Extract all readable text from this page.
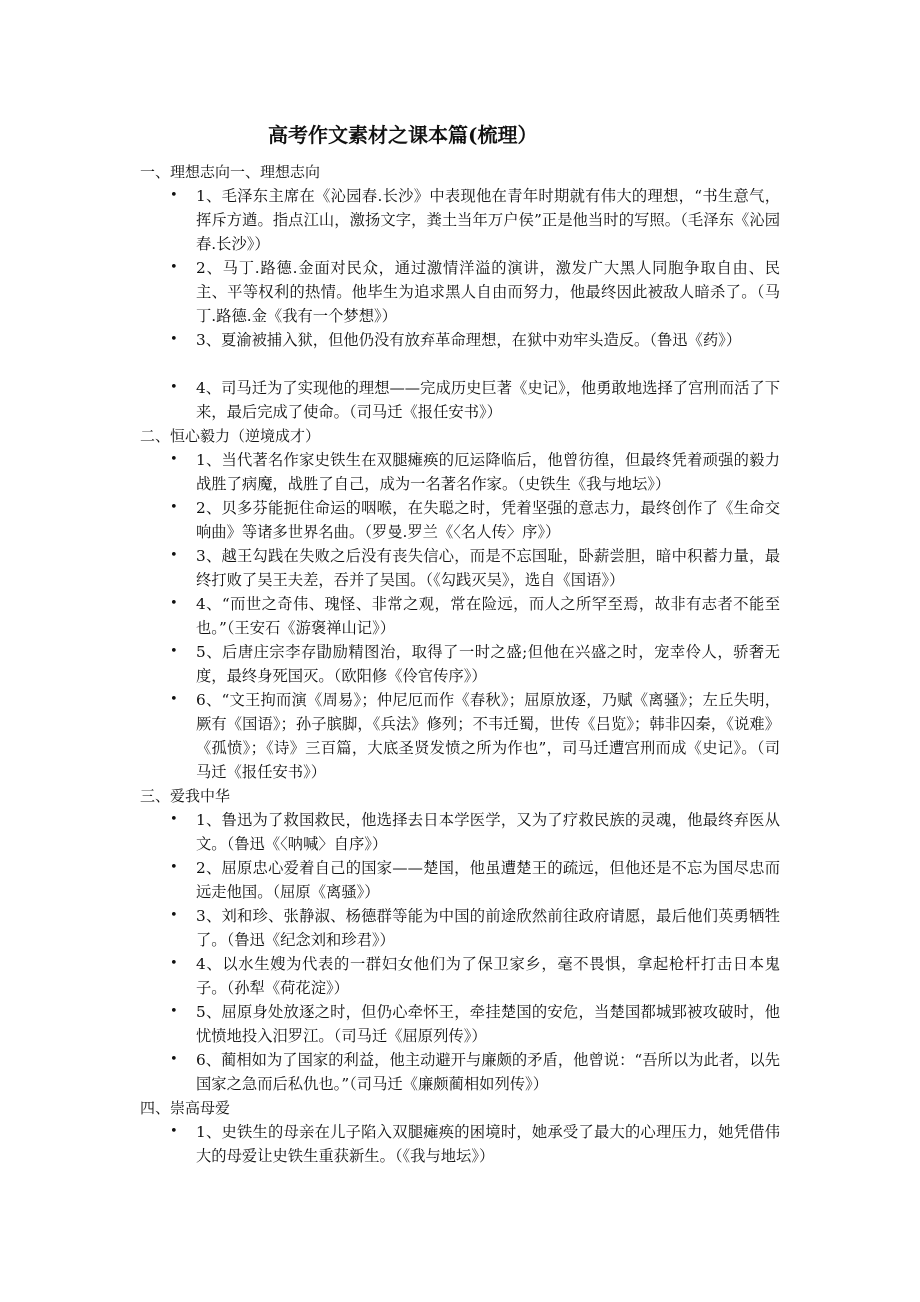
高考作文素材之课本篇(梳理）
一、理想志向一、理想志向
• 1、毛泽东主席在《沁园春.长沙》中表现他在青年时期就有伟大的理想，“书生意气，挥斥方遒。指点江山，激扬文字，粪土当年万户侯”正是他当时的写照。（毛泽东《沁园春.长沙》）
• 2、马丁.路德.金面对民众，通过激情洋溢的演讲，激发广大黑人同胞争取自由、民主、平等权利的热情。他毕生为追求黑人自由而努力，他最终因此被敌人暗杀了。（马丁.路德.金《我有一个梦想》）
• 3、夏渝被捕入狱，但他仍没有放弃革命理想，在狱中劝牢头造反。（鲁迅《药》）
• 4、司马迁为了实现他的理想——完成历史巨著《史记》，他勇敢地选择了宫刑而活了下来，最后完成了使命。（司马迁《报任安书》）
二、恒心毅力（逆境成才）
• 1、当代著名作家史铁生在双腿瘫痪的厄运降临后，他曾彷徨，但最终凭着顽强的毅力战胜了病魔，战胜了自己，成为一名著名作家。（史铁生《我与地坛》）
• 2、贝多芬能扼住命运的咽喉，在失聪之时，凭着坚强的意志力，最终创作了《生命交响曲》等诸多世界名曲。（罗曼.罗兰《〈名人传〉序》）
• 3、越王勾践在失败之后没有丧失信心，而是不忘国耻，卧薪尝胆，暗中积蓄力量，最终打败了吴王夫差，吞并了吴国。（《勾践灭吴》，选自《国语》）
• 4、“而世之奇伟、瑰怪、非常之观，常在险远，而人之所罕至焉，故非有志者不能至也。”（王安石《游褒禅山记》）
• 5、后唐庄宗李存勖励精图治，取得了一时之盛;但他在兴盛之时，宠幸伶人，骄奢无度，最终身死国灭。（欧阳修《伶官传序》）
• 6、“文王拘而演《周易》；仲尼厄而作《春秋》；屈原放逐，乃赋《离骚》；左丘失明，厥有《国语》；孙子膑脚，《兵法》修列；不韦迁蜀，世传《吕览》；韩非囚秦，《说难》《孤愤》；《诗》三百篇，大底圣贤发愤之所为作也”，司马迁遭宫刑而成《史记》。（司马迁《报任安书》）
三、爱我中华
• 1、鲁迅为了救国救民，他选择去日本学医学，又为了疗救民族的灵魂，他最终弃医从文。（鲁迅《〈呐喊〉自序》）
• 2、屈原忠心爱着自己的国家——楚国，他虽遭楚王的疏远，但他还是不忘为国尽忠而远走他国。（屈原《离骚》）
• 3、刘和珍、张静淑、杨德群等能为中国的前途欣然前往政府请愿，最后他们英勇牺牲了。（鲁迅《纪念刘和珍君》）
• 4、以水生嫂为代表的一群妇女他们为了保卫家乡，毫不畏惧，拿起枪杆打击日本鬼子。（孙犁《荷花淀》）
• 5、屈原身处放逐之时，但仍心牵怀王，牵挂楚国的安危，当楚国都城郢被攻破时，他忧愤地投入汨罗江。（司马迁《屈原列传》）
• 6、蔺相如为了国家的利益，他主动避开与廉颇的矛盾，他曾说：“吾所以为此者，以先国家之急而后私仇也。”（司马迁《廉颇蔺相如列传》）
四、崇高母爱
• 1、史铁生的母亲在儿子陷入双腿瘫痪的困境时，她承受了最大的心理压力，她凭借伟大的母爱让史铁生重获新生。（《我与地坛》）
